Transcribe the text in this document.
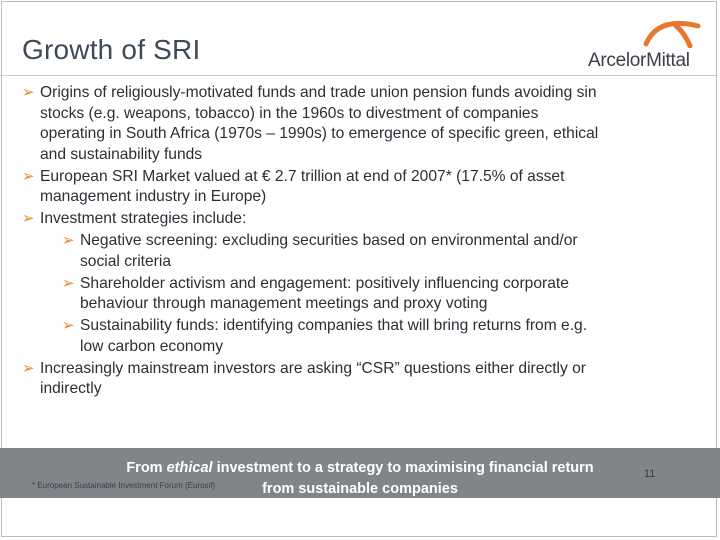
Growth of SRI	ArcelorMittal
➢ Origins of religiously-motivated funds and trade union pension funds avoiding sin
stocks (e.g. weapons, tobacco) in the 1960s to divestment of companies
operating in South Africa (1970s – 1990s) to emergence of specific green, ethical
and sustainability funds
➢ European SRI Market valued at € 2.7 trillion at end of 2007* (17.5% of asset
management industry in Europe)
➢ Investment strategies include:
➢ Negative screening: excluding securities based on environmental and/or
social criteria
➢ Shareholder activism and engagement: positively influencing corporate
behaviour through management meetings and proxy voting
➢ Sustainability funds: identifying companies that will bring returns from e.g.
low carbon economy
➢ Increasingly mainstream investors are asking “CSR” questions either directly or
indirectly
From ethical investment to a strategy to maximising financial return
from sustainable companies
* European Sustainable Investment Forum (Eurosif)
11
